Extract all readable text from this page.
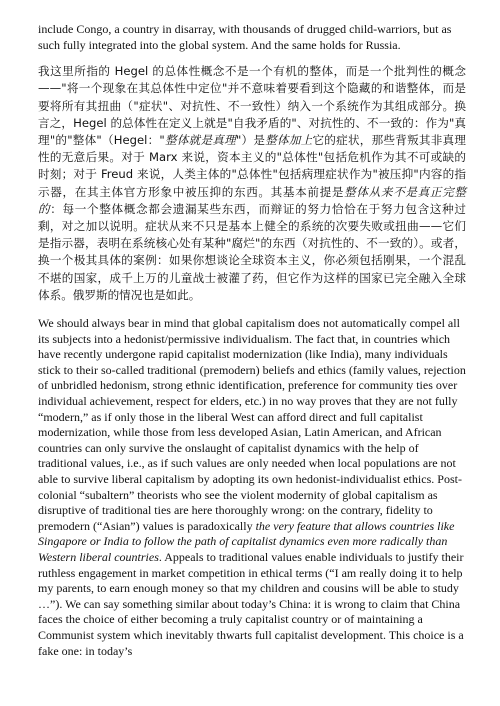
include Congo, a country in disarray, with thousands of drugged child-warriors, but as such fully integrated into the global system. And the same holds for Russia.

我这里所指的 Hegel 的总体性概念不是一个有机的整体，而是一个批判性的概念——"将一个现象在其总体性中定位"并不意味着要看到这个隐藏的和谐整体，而是要将所有其扭曲（"症状"、对抗性、不一致性）纳入一个系统作为其组成部分。换言之，Hegel 的总体性在定义上就是"自我矛盾的"、对抗性的、不一致的：作为"真理"的"整体"（Hegel："整体就是真理"）是整体加上它的症状，那些背叛其非真理性的无意后果。对于 Marx 来说，资本主义的"总体性"包括危机作为其不可或缺的时刻；对于 Freud 来说，人类主体的"总体性"包括病理症状作为"被压抑"内容的指示器，在其主体官方形象中被压抑的东西。其基本前提是整体从来不是真正完整的：每一个整体概念都会遗漏某些东西，而辩证的努力恰恰在于努力包含这种过剩，对之加以说明。症状从来不只是基本上健全的系统的次要失败或扭曲——它们是指示器，表明在系统核心处有某种"腐烂"的东西（对抗性的、不一致的）。或者，换一个极其具体的案例：如果你想谈论全球资本主义，你必须包括刚果，一个混乱不堪的国家，成千上万的儿童战士被灌了药，但它作为这样的国家已完全融入全球体系。俄罗斯的情况也是如此。

We should always bear in mind that global capitalism does not automatically compel all its subjects into a hedonist/permissive individualism. The fact that, in countries which have recently undergone rapid capitalist modernization (like India), many individuals stick to their so-called traditional (premodern) beliefs and ethics (family values, rejection of unbridled hedonism, strong ethnic identification, preference for community ties over individual achievement, respect for elders, etc.) in no way proves that they are not fully “modern,” as if only those in the liberal West can afford direct and full capitalist modernization, while those from less developed Asian, Latin American, and African countries can only survive the onslaught of capitalist dynamics with the help of traditional values, i.e., as if such values are only needed when local populations are not able to survive liberal capitalism by adopting its own hedonist-individualist ethics. Post-colonial “subaltern” theorists who see the violent modernity of global capitalism as disruptive of traditional ties are here thoroughly wrong: on the contrary, fidelity to premodern (“Asian”) values is paradoxically the very feature that allows countries like Singapore or India to follow the path of capitalist dynamics even more radically than Western liberal countries. Appeals to traditional values enable individuals to justify their ruthless engagement in market competition in ethical terms (“I am really doing it to help my parents, to earn enough money so that my children and cousins will be able to study …”). We can say something similar about today’s China: it is wrong to claim that China faces the choice of either becoming a truly capitalist country or of maintaining a Communist system which inevitably thwarts full capitalist development. This choice is a fake one: in today’s
